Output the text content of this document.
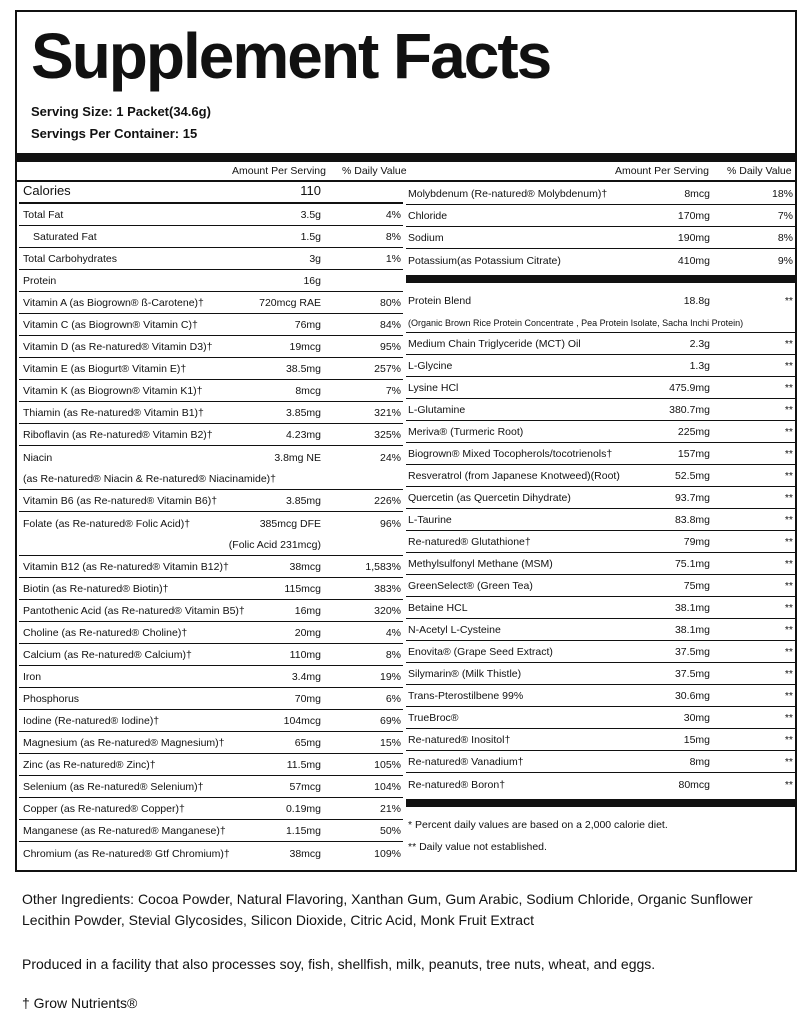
Supplement Facts
Serving Size: 1 Packet(34.6g)
Servings Per Container: 15
Amount Per Serving % Daily Value	Amount Per Serving % Daily Value
Calories	110
Total Fat	3.5g	4%
Saturated Fat	1.5g	8%
Total Carbohydrates	3g	1%
Protein	16g
Vitamin A (as Biogrown® ß-Carotene)†	720mcg RAE	80%
Vitamin C (as Biogrown® Vitamin C)†	76mg	84%
Vitamin D (as Re-natured® Vitamin D3)†	19mcg	95%
Vitamin E (as Biogurt® Vitamin E)†	38.5mg	257%
Vitamin K (as Biogrown® Vitamin K1)†	8mcg	7%
Thiamin (as Re-natured® Vitamin B1)†	3.85mg	321%
Riboflavin (as Re-natured® Vitamin B2)†	4.23mg	325%
Niacin	3.8mg NE	24%
(as Re-natured® Niacin & Re-natured® Niacinamide)†
Vitamin B6 (as Re-natured® Vitamin B6)†	3.85mg	226%
Folate (as Re-natured® Folic Acid)†	385mcg DFE	96%
(Folic Acid 231mcg)
Vitamin B12 (as Re-natured® Vitamin B12)†	38mcg	1,583%
Biotin (as Re-natured® Biotin)†	115mcg	383%
Pantothenic Acid (as Re-natured® Vitamin B5)†	16mg	320%
Choline (as Re-natured® Choline)†	20mg	4%
Calcium (as Re-natured® Calcium)†	110mg	8%
Iron	3.4mg	19%
Phosphorus	70mg	6%
Iodine (Re-natured® Iodine)†	104mcg	69%
Magnesium (as Re-natured® Magnesium)†	65mg	15%
Zinc (as Re-natured® Zinc)†	11.5mg	105%
Selenium (as Re-natured® Selenium)†	57mcg	104%
Copper (as Re-natured® Copper)†	0.19mg	21%
Manganese (as Re-natured® Manganese)†	1.15mg	50%
Chromium (as Re-natured® Gtf Chromium)†	38mcg	109%
Molybdenum (Re-natured® Molybdenum)†	8mcg	18%
Chloride	170mg	7%
Sodium	190mg	8%
Potassium(as Potassium Citrate)	410mg	9%
Protein Blend	18.8g	**
(Organic Brown Rice Protein Concentrate , Pea Protein Isolate, Sacha Inchi Protein)
Medium Chain Triglyceride (MCT) Oil	2.3g	**
L-Glycine	1.3g	**
Lysine HCl	475.9mg	**
L-Glutamine	380.7mg	**
Meriva® (Turmeric Root)	225mg	**
Biogrown® Mixed Tocopherols/tocotrienols†	157mg	**
Resveratrol (from Japanese Knotweed)(Root)	52.5mg	**
Quercetin (as Quercetin Dihydrate)	93.7mg	**
L-Taurine	83.8mg	**
Re-natured® Glutathione†	79mg	**
Methylsulfonyl Methane (MSM)	75.1mg	**
GreenSelect® (Green Tea)	75mg	**
Betaine HCL	38.1mg	**
N-Acetyl L-Cysteine	38.1mg	**
Enovita® (Grape Seed Extract)	37.5mg	**
Silymarin® (Milk Thistle)	37.5mg	**
Trans-Pterostilbene 99%	30.6mg	**
TrueBroc®	30mg	**
Re-natured® Inositol†	15mg	**
Re-natured® Vanadium†	8mg	**
Re-natured® Boron†	80mcg	**
* Percent daily values are based on a 2,000 calorie diet.
** Daily value not established.
Other Ingredients: Cocoa Powder, Natural Flavoring, Xanthan Gum, Gum Arabic, Sodium Chloride, Organic Sunflower Lecithin Powder, Stevial Glycosides, Silicon Dioxide, Citric Acid, Monk Fruit Extract
Produced in a facility that also processes soy, fish, shellfish, milk, peanuts, tree nuts, wheat, and eggs.
† Grow Nutrients®
